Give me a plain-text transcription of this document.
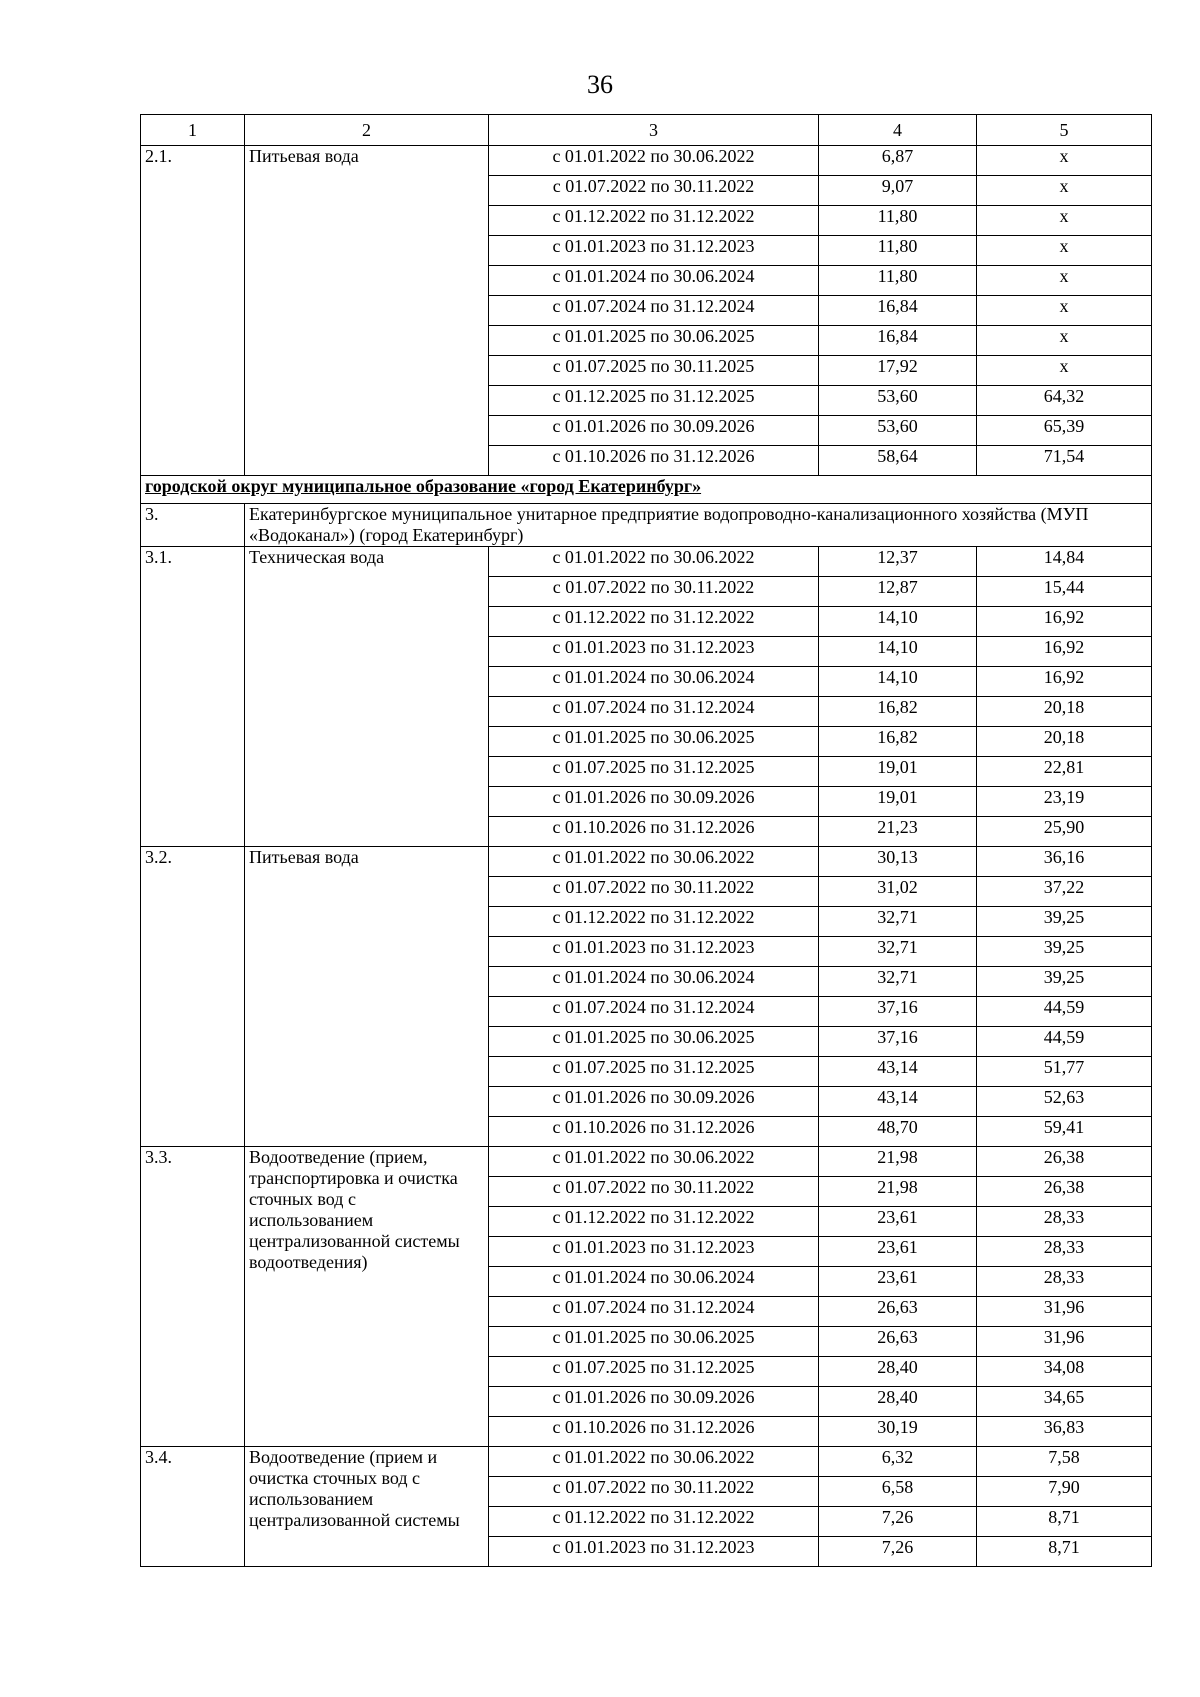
36
1	2	3	4	5
2.1.	Питьевая вода	с 01.01.2022 по 30.06.2022	6,87	х
		с 01.07.2022 по 30.11.2022	9,07	х
		с 01.12.2022 по 31.12.2022	11,80	х
		с 01.01.2023 по 31.12.2023	11,80	х
		с 01.01.2024 по 30.06.2024	11,80	х
		с 01.07.2024 по 31.12.2024	16,84	х
		с 01.01.2025 по 30.06.2025	16,84	х
		с 01.07.2025 по 30.11.2025	17,92	х
		с 01.12.2025 по 31.12.2025	53,60	64,32
		с 01.01.2026 по 30.09.2026	53,60	65,39
		с 01.10.2026 по 31.12.2026	58,64	71,54
городской округ муниципальное образование «город Екатеринбург»				
3.	Екатеринбургское муниципальное унитарное предприятие водопроводно-канализационного хозяйства (МУП «Водоканал») (город Екатеринбург)			
3.1.	Техническая вода	с 01.01.2022 по 30.06.2022	12,37	14,84
		с 01.07.2022 по 30.11.2022	12,87	15,44
		с 01.12.2022 по 31.12.2022	14,10	16,92
		с 01.01.2023 по 31.12.2023	14,10	16,92
		с 01.01.2024 по 30.06.2024	14,10	16,92
		с 01.07.2024 по 31.12.2024	16,82	20,18
		с 01.01.2025 по 30.06.2025	16,82	20,18
		с 01.07.2025 по 31.12.2025	19,01	22,81
		с 01.01.2026 по 30.09.2026	19,01	23,19
		с 01.10.2026 по 31.12.2026	21,23	25,90
3.2.	Питьевая вода	с 01.01.2022 по 30.06.2022	30,13	36,16
		с 01.07.2022 по 30.11.2022	31,02	37,22
		с 01.12.2022 по 31.12.2022	32,71	39,25
		с 01.01.2023 по 31.12.2023	32,71	39,25
		с 01.01.2024 по 30.06.2024	32,71	39,25
		с 01.07.2024 по 31.12.2024	37,16	44,59
		с 01.01.2025 по 30.06.2025	37,16	44,59
		с 01.07.2025 по 31.12.2025	43,14	51,77
		с 01.01.2026 по 30.09.2026	43,14	52,63
		с 01.10.2026 по 31.12.2026	48,70	59,41
3.3.	Водоотведение (прием, транспортировка и очистка сточных вод с использованием централизованной системы водоотведения)	с 01.01.2022 по 30.06.2022	21,98	26,38
		с 01.07.2022 по 30.11.2022	21,98	26,38
		с 01.12.2022 по 31.12.2022	23,61	28,33
		с 01.01.2023 по 31.12.2023	23,61	28,33
		с 01.01.2024 по 30.06.2024	23,61	28,33
		с 01.07.2024 по 31.12.2024	26,63	31,96
		с 01.01.2025 по 30.06.2025	26,63	31,96
		с 01.07.2025 по 31.12.2025	28,40	34,08
		с 01.01.2026 по 30.09.2026	28,40	34,65
		с 01.10.2026 по 31.12.2026	30,19	36,83
3.4.	Водоотведение (прием и очистка сточных вод с использованием централизованной системы	с 01.01.2022 по 30.06.2022	6,32	7,58
		с 01.07.2022 по 30.11.2022	6,58	7,90
		с 01.12.2022 по 31.12.2022	7,26	8,71
		с 01.01.2023 по 31.12.2023	7,26	8,71
